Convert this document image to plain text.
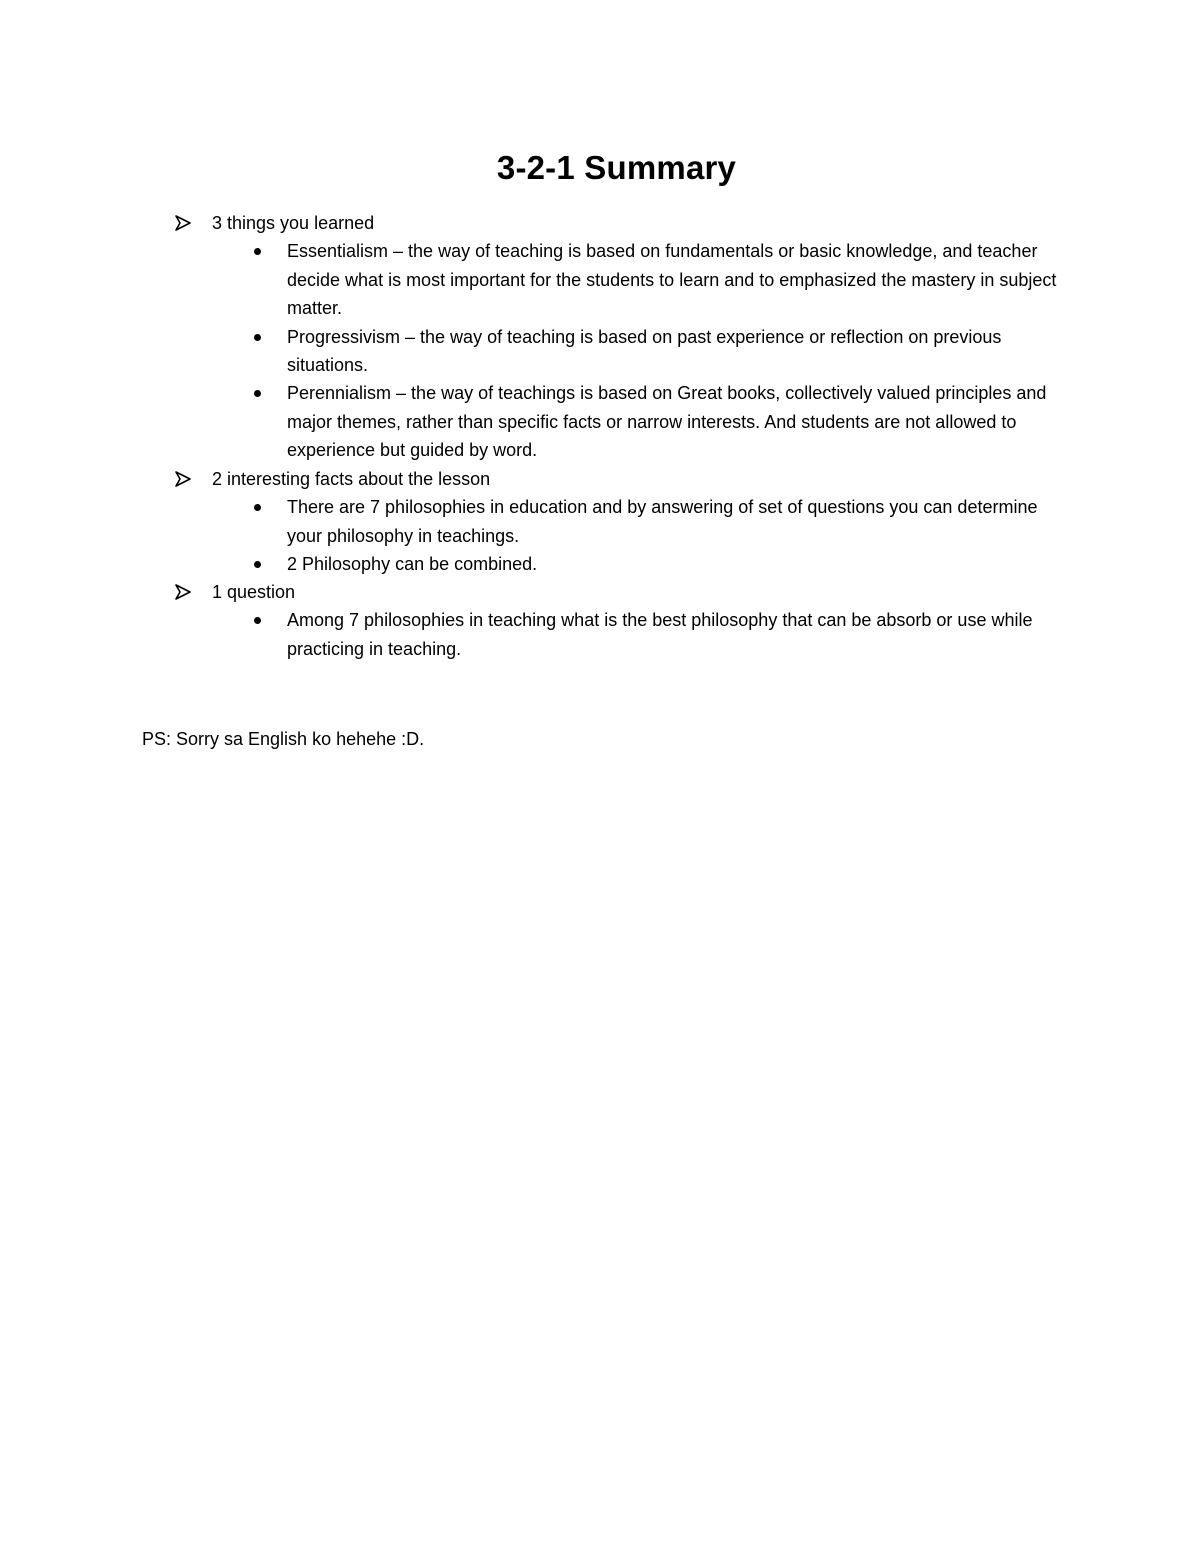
3-2-1 Summary
3 things you learned
Essentialism – the way of teaching is based on fundamentals or basic knowledge, and teacher decide what is most important for the students to learn and to emphasized the mastery in subject matter.
Progressivism – the way of teaching is based on past experience or reflection on previous situations.
Perennialism – the way of teachings is based on Great books, collectively valued principles and major themes, rather than specific facts or narrow interests. And students are not allowed to experience but guided by word.
2 interesting facts about the lesson
There are 7 philosophies in education and by answering of set of questions you can determine your philosophy in teachings.
2 Philosophy can be combined.
1 question
Among 7 philosophies in teaching what is the best philosophy that can be absorb or use while practicing in teaching.
PS: Sorry sa English ko hehehe :D.
